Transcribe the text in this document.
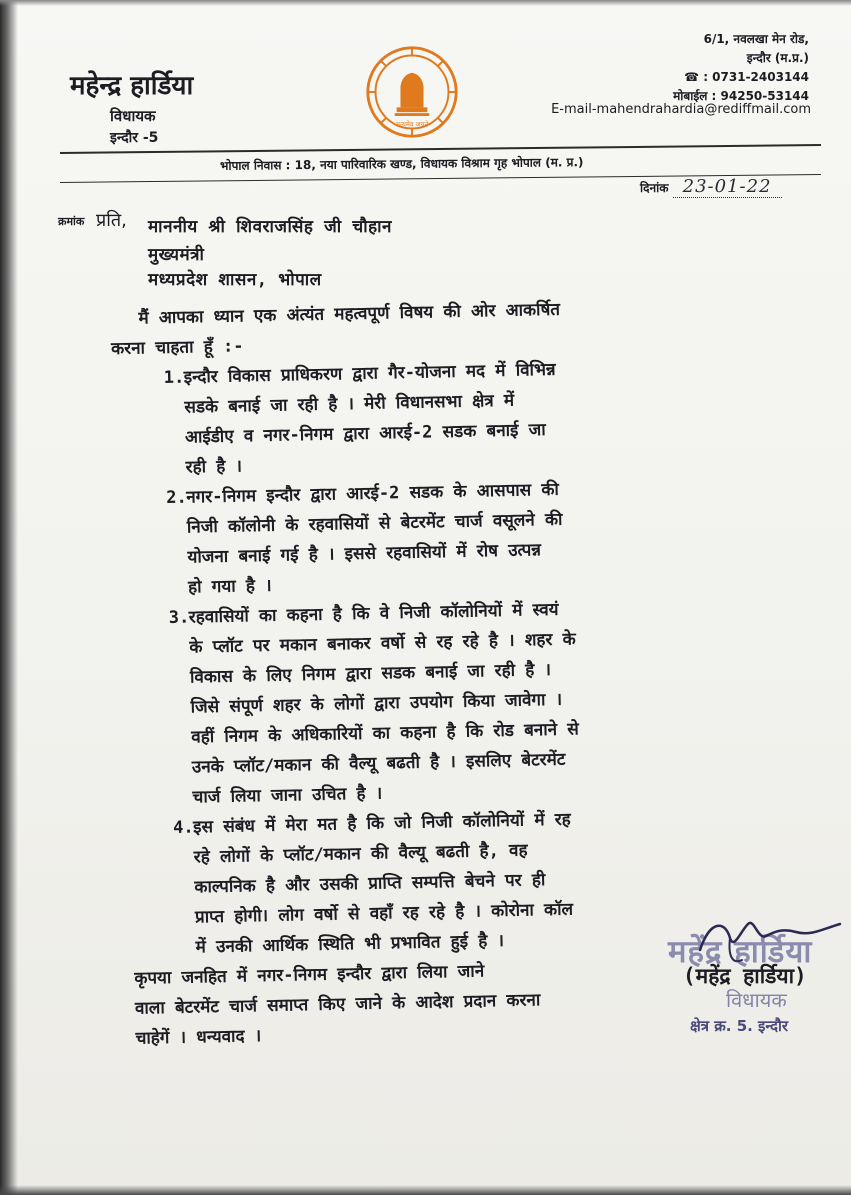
महेन्द्र हार्डिया
विधायक
इन्दौर -5
सत्यमेव जयते
6/1, नवलखा मेन रोड,
इन्दौर (म.प्र.)
☎ : 0731-2403144
मोबाईल : 94250-53144
E-mail-mahendrahardia@rediffmail.com
भोपाल निवास : 18, नया पारिवारिक खण्ड, विधायक विश्राम गृह भोपाल (म. प्र.)
दिनांक 23-01-22
क्रमांक प्रति, माननीय श्री शिवराजसिंह जी चौहान
मुख्यमंत्री
मध्यप्रदेश शासन, भोपाल
मैं आपका ध्यान एक अंत्यंत महत्वपूर्ण विषय की ओर आकर्षित
करना चाहता हूँ :-
1. इन्दौर विकास प्राधिकरण द्वारा गैर-योजना मद में विभिन्न
सडके बनाई जा रही है । मेरी विधानसभा क्षेत्र में
आईडीए व नगर-निगम द्वारा आरई-2 सडक बनाई जा
रही है ।
2. नगर-निगम इन्दौर द्वारा आरई-2 सडक के आसपास की
निजी कॉलोनी के रहवासियों से बेटरमेंट चार्ज वसूलने की
योजना बनाई गई है । इससे रहवासियों में रोष उत्पन्न
हो गया है ।
3. रहवासियों का कहना है कि वे निजी कॉलोनियों में स्वयं
के प्लॉट पर मकान बनाकर वर्षो से रह रहे है । शहर के
विकास के लिए निगम द्वारा सडक बनाई जा रही है ।
जिसे संपूर्ण शहर के लोगों द्वारा उपयोग किया जावेगा ।
वहीं निगम के अधिकारियों का कहना है कि रोड बनाने से
उनके प्लॉट/मकान की वैल्यू बढती है । इसलिए बेटरमेंट
चार्ज लिया जाना उचित है ।
4. इस संबंध में मेरा मत है कि जो निजी कॉलोनियों में रह
रहे लोगों के प्लॉट/मकान की वैल्यू बढती है, वह
काल्पनिक है और उसकी प्राप्ति सम्पत्ति बेचने पर ही
प्राप्त होगी। लोग वर्षो से वहॉं रह रहे है । कोरोना कॉल
में उनकी आर्थिक स्थिति भी प्रभावित हुई है ।
कृपया जनहित में नगर-निगम इन्दौर द्वारा लिया जाने
वाला बेटरमेंट चार्ज समाप्त किए जाने के आदेश प्रदान करना
चाहेगें । धन्यवाद ।
महेंद्र हार्डिया
(महेंद्र हार्डिया)
विधायक
क्षेत्र क्र. 5. इन्दौर
